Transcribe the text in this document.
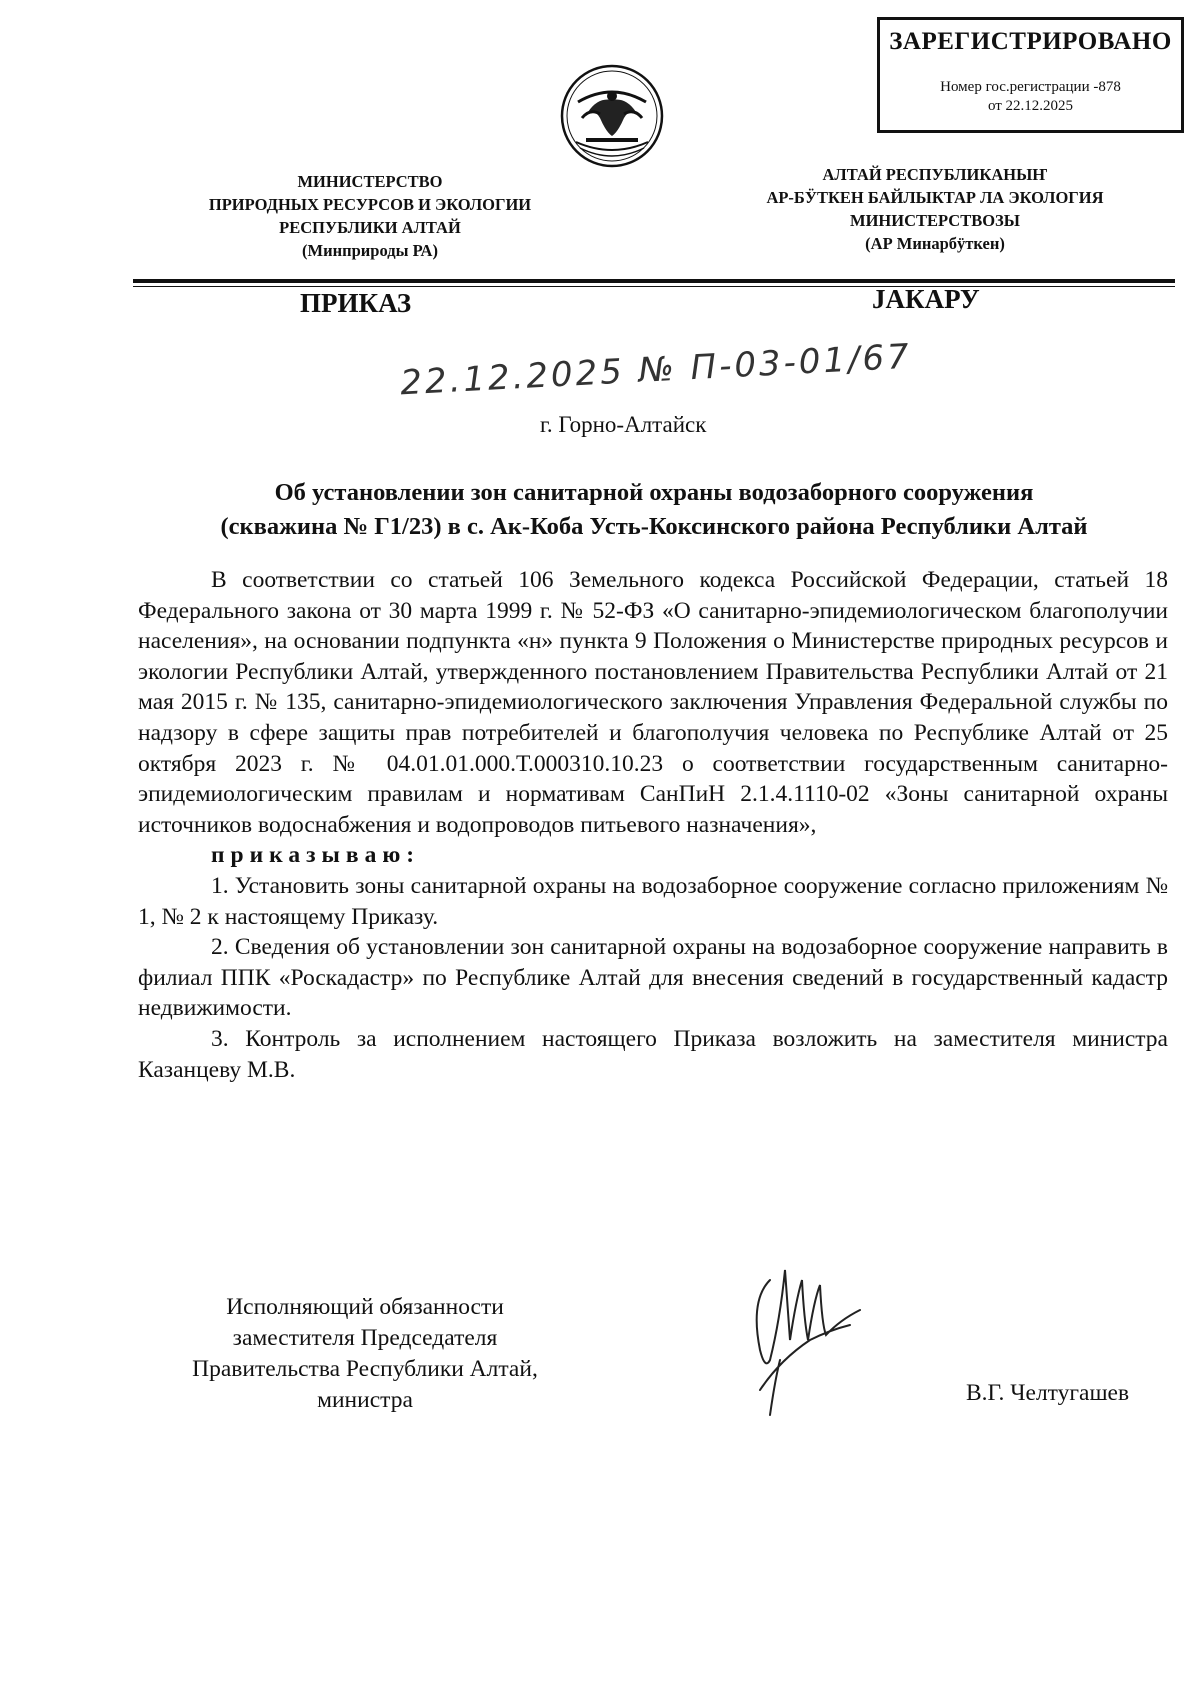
ЗАРЕГИСТРИРОВАНО
Номер гос.регистрации -878
от 22.12.2025
МИНИСТЕРСТВО
ПРИРОДНЫХ РЕСУРСОВ И ЭКОЛОГИИ
РЕСПУБЛИКИ АЛТАЙ
(Минприроды РА)
АЛТАЙ РЕСПУБЛИКАНЫҤ
АР-БӰТКЕН БАЙЛЫКТАР ЛА ЭКОЛОГИЯ
МИНИСТЕРСТВОЗЫ
(АР Минарбӱткен)
ПРИКАЗ	ЈАКАРУ
22.12.2025 № П-03-01/67
г. Горно-Алтайск
Об установлении зон санитарной охраны водозаборного сооружения
(скважина № Г1/23) в с. Ак-Коба Усть-Коксинского района Республики Алтай

В соответствии со статьей 106 Земельного кодекса Российской Федерации, статьей 18 Федерального закона от 30 марта 1999 г. № 52-ФЗ «О санитарно-эпидемиологическом благополучии населения», на основании подпункта «н» пункта 9 Положения о Министерстве природных ресурсов и экологии Республики Алтай, утвержденного постановлением Правительства Республики Алтай от 21 мая 2015 г. № 135, санитарно-эпидемиологического заключения Управления Федеральной службы по надзору в сфере защиты прав потребителей и благополучия человека по Республике Алтай от 25 октября 2023 г. № 04.01.01.000.Т.000310.10.23 о соответствии государственным санитарно-эпидемиологическим правилам и нормативам СанПиН 2.1.4.1110-02 «Зоны санитарной охраны источников водоснабжения и водопроводов питьевого назначения»,

приказываю:

1. Установить зоны санитарной охраны на водозаборное сооружение согласно приложениям № 1, № 2 к настоящему Приказу.

2. Сведения об установлении зон санитарной охраны на водозаборное сооружение направить в филиал ППК «Роскадастр» по Республике Алтай для внесения сведений в государственный кадастр недвижимости.

3. Контроль за исполнением настоящего Приказа возложить на заместителя министра Казанцеву М.В.

Исполняющий обязанности
заместителя Председателя
Правительства Республики Алтай,
министра	В.Г. Челтугашев
